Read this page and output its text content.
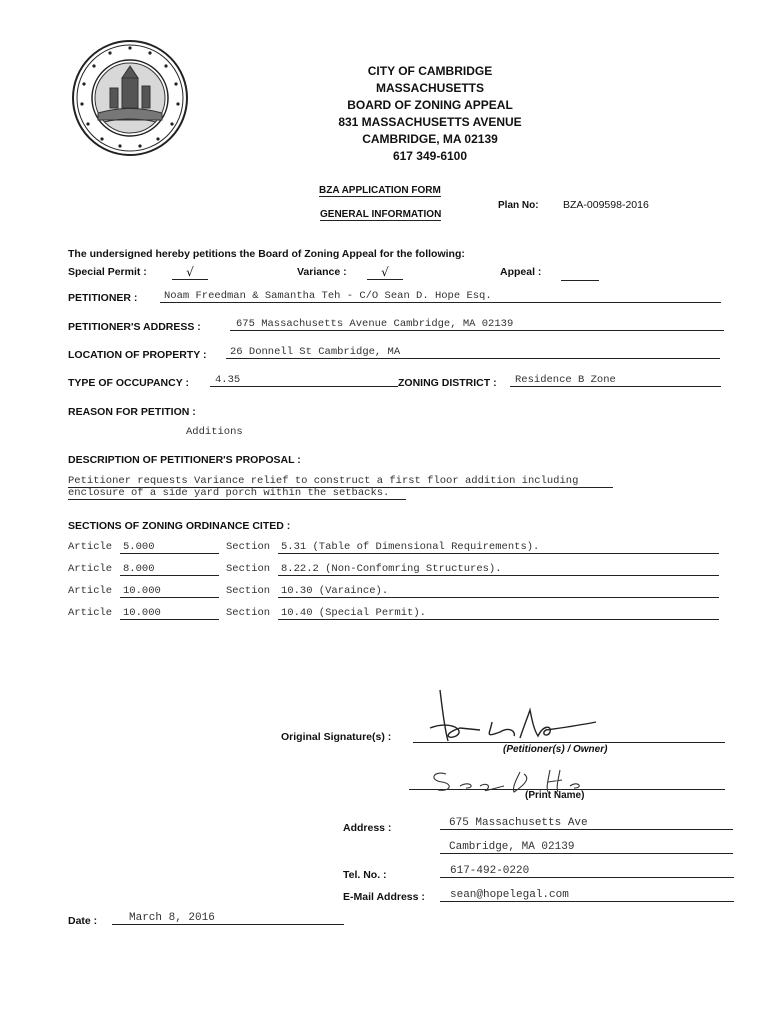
CITY OF CAMBRIDGE
MASSACHUSETTS
BOARD OF ZONING APPEAL
831 MASSACHUSETTS AVENUE
CAMBRIDGE, MA 02139
617 349-6100
BZA APPLICATION FORM
GENERAL INFORMATION
Plan No: BZA-009598-2016
The undersigned hereby petitions the Board of Zoning Appeal for the following:
Special Permit :	√	Variance :	√	Appeal :
PETITIONER :	Noam Freedman & Samantha Teh - C/O Sean D. Hope Esq.
PETITIONER'S ADDRESS :	675 Massachusetts Avenue Cambridge, MA 02139
LOCATION OF PROPERTY :	26 Donnell St Cambridge, MA
TYPE OF OCCUPANCY :	4.35	ZONING DISTRICT :	Residence B Zone
REASON FOR PETITION :
Additions
DESCRIPTION OF PETITIONER'S PROPOSAL :
Petitioner requests Variance relief to construct a first floor addition including
enclosure of a side yard porch within the setbacks.
SECTIONS OF ZONING ORDINANCE CITED :
Article 5.000	Section 5.31 (Table of Dimensional Requirements).
Article 8.000	Section 8.22.2 (Non-Confomring Structures).
Article 10.000	Section 10.30 (Varaince).
Article 10.000	Section 10.40 (Special Permit).
Original Signature(s) :
(Petitioner(s) / Owner)
(Print Name)
Address :	675 Massachusetts Ave
Cambridge, MA 02139
Tel. No. :	617-492-0220
E-Mail Address :	sean@hopelegal.com
Date :	March 8, 2016
